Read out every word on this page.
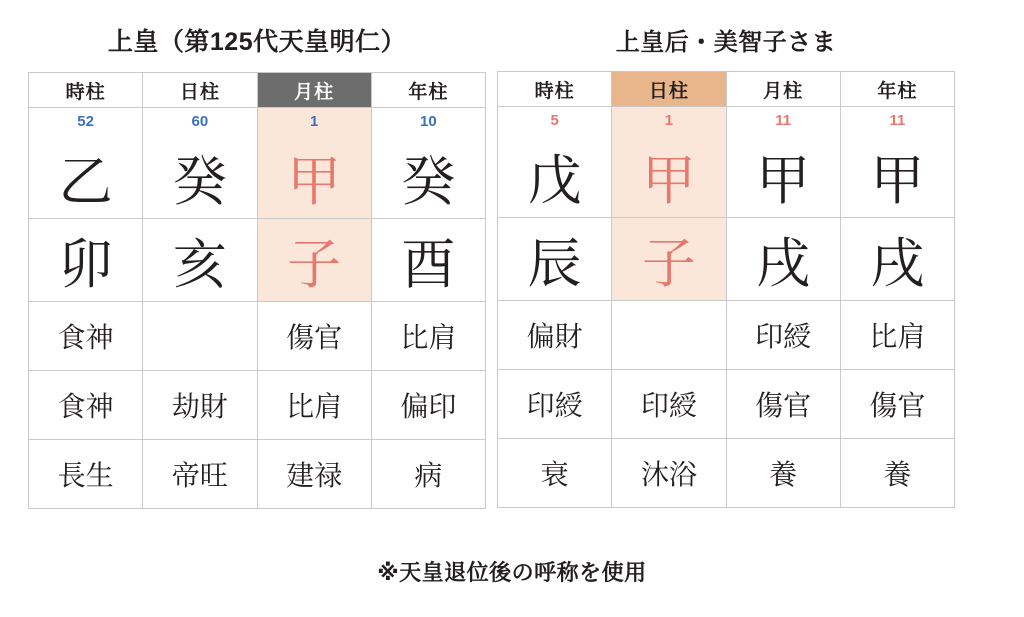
上皇（第125代天皇明仁）
時柱	日柱	月柱	年柱
52	60	1	10
乙	癸	甲	癸
卯	亥	子	酉
食神		傷官	比肩
食神	劫財	比肩	偏印
長生	帝旺	建禄	病
上皇后・美智子さま
時柱	日柱	月柱	年柱
5	1	11	11
戊	甲	甲	甲
辰	子	戌	戌
偏財		印綬	比肩
印綬	印綬	傷官	傷官
衰	沐浴	養	養
※天皇退位後の呼称を使用
